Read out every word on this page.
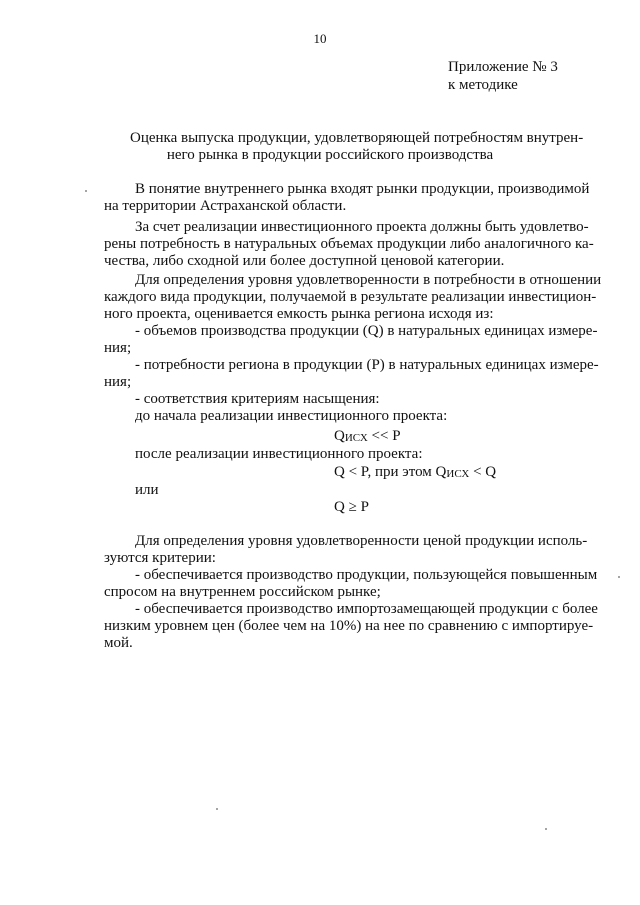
10
Приложение № 3
к методике
Оценка выпуска продукции, удовлетворяющей потребностям внутрен-
него рынка в продукции российского производства
В понятие внутреннего рынка входят рынки продукции, производимой
на территории Астраханской области.
За счет реализации инвестиционного проекта должны быть удовлетво-
рены потребность в натуральных объемах продукции либо аналогичного ка-
чества, либо сходной или более доступной ценовой категории.
Для определения уровня удовлетворенности в потребности в отношении
каждого вида продукции, получаемой в результате реализации инвестицион-
ного проекта, оценивается емкость рынка региона исходя из:
- объемов производства продукции (Q) в натуральных единицах измере-
ния;
- потребности региона в продукции (P) в натуральных единицах измере-
ния;
- соответствия критериям насыщения:
до начала реализации инвестиционного проекта:
QИСХ << P
после реализации инвестиционного проекта:
Q < P, при этом QИСХ < Q
или
Q ≥ P
Для определения уровня удовлетворенности ценой продукции исполь-
зуются критерии:
- обеспечивается производство продукции, пользующейся повышенным
спросом на внутреннем российском рынке;
- обеспечивается производство импортозамещающей продукции с более
низким уровнем цен (более чем на 10%) на нее по сравнению с импортируе-
мой.
